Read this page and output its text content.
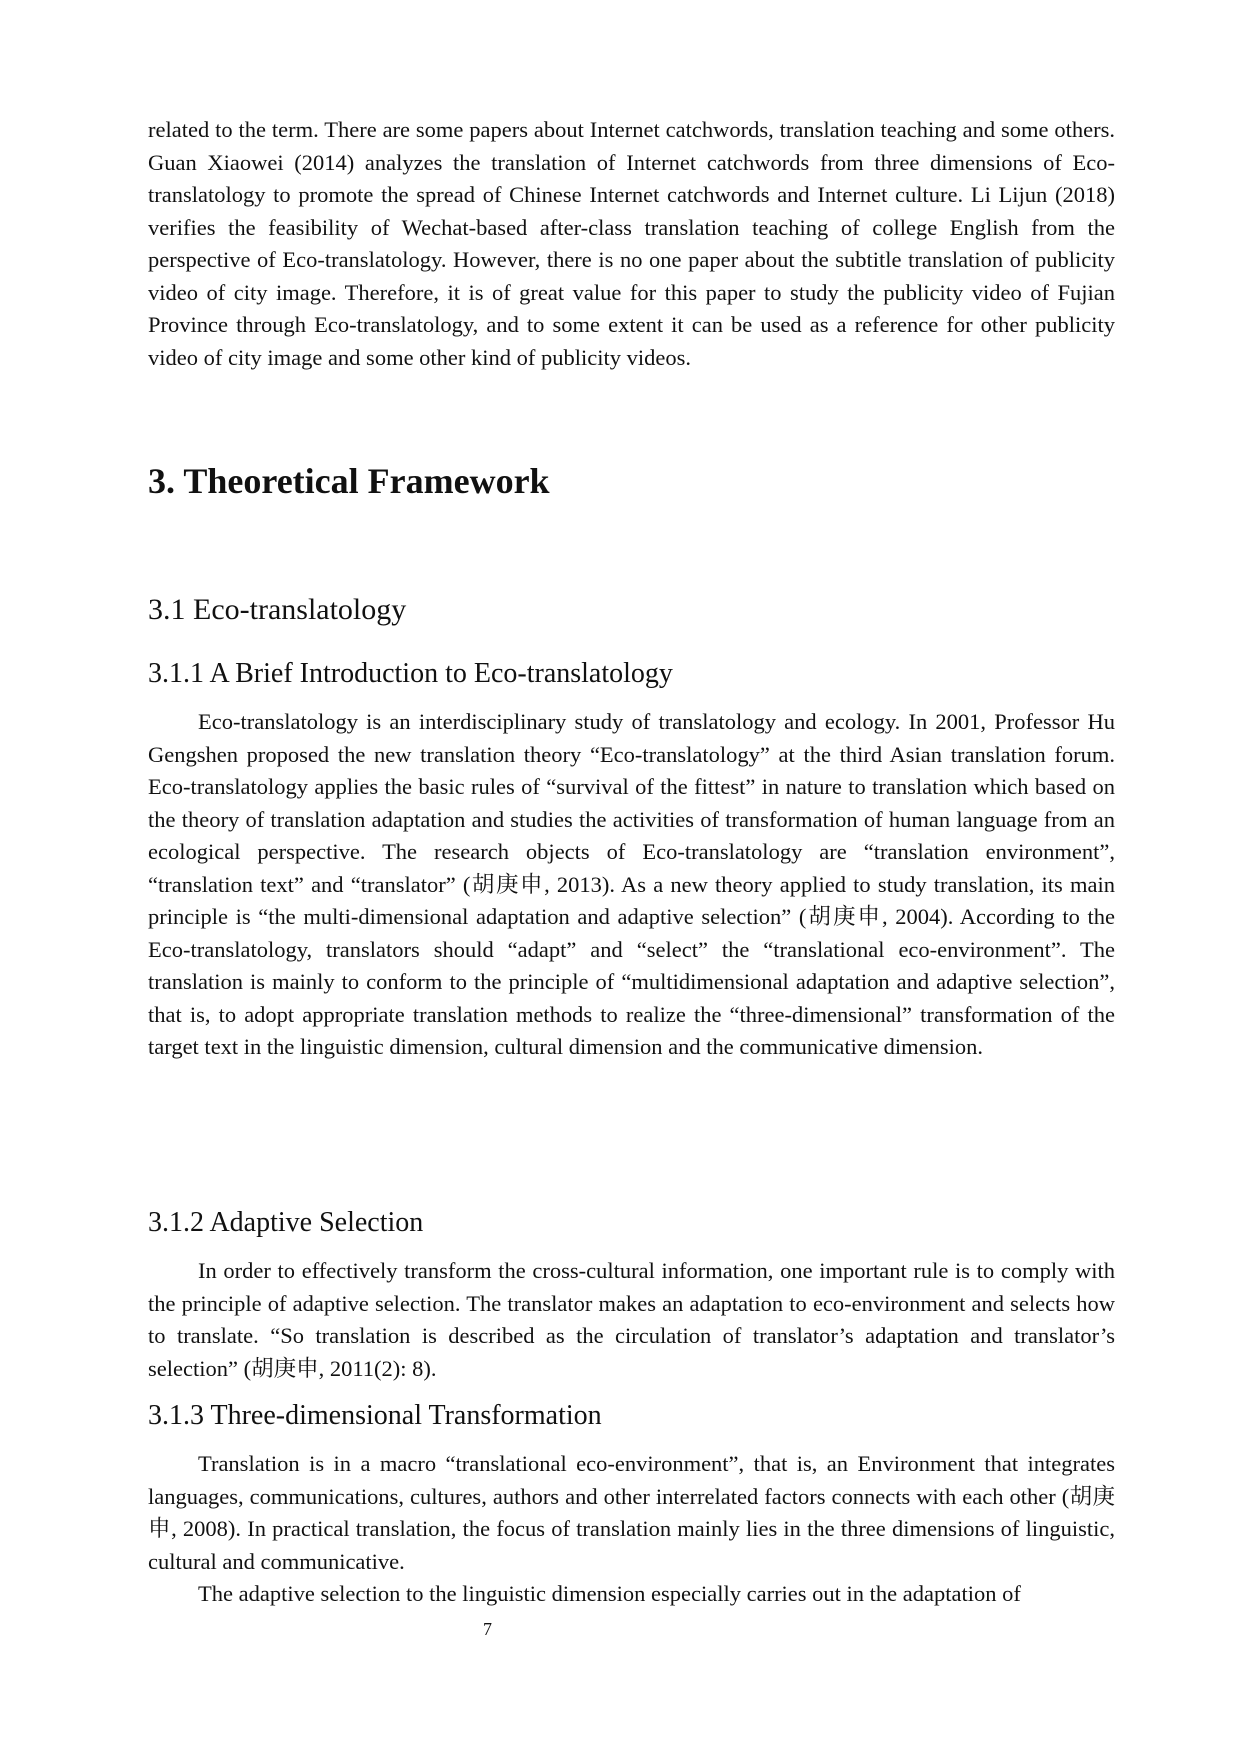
related to the term. There are some papers about Internet catchwords, translation teaching and some others. Guan Xiaowei (2014) analyzes the translation of Internet catchwords from three dimensions of Eco-translatology to promote the spread of Chinese Internet catchwords and Internet culture. Li Lijun (2018) verifies the feasibility of Wechat-based after-class translation teaching of college English from the perspective of Eco-translatology. However, there is no one paper about the subtitle translation of publicity video of city image. Therefore, it is of great value for this paper to study the publicity video of Fujian Province through Eco-translatology, and to some extent it can be used as a reference for other publicity video of city image and some other kind of publicity videos.

3. Theoretical Framework
3.1 Eco-translatology
3.1.1 A Brief Introduction to Eco-translatology

Eco-translatology is an interdisciplinary study of translatology and ecology. In 2001, Professor Hu Gengshen proposed the new translation theory “Eco-translatology” at the third Asian translation forum. Eco-translatology applies the basic rules of “survival of the fittest” in nature to translation which based on the theory of translation adaptation and studies the activities of transformation of human language from an ecological perspective. The research objects of Eco-translatology are “translation environment”, “translation text” and “translator” (胡庚申, 2013). As a new theory applied to study translation, its main principle is “the multi-dimensional adaptation and adaptive selection” (胡庚申, 2004). According to the Eco-translatology, translators should “adapt” and “select” the “translational eco-environment”. The translation is mainly to conform to the principle of “multidimensional adaptation and adaptive selection”, that is, to adopt appropriate translation methods to realize the “three-dimensional” transformation of the target text in the linguistic dimension, cultural dimension and the communicative dimension.

3.1.2 Adaptive Selection

In order to effectively transform the cross-cultural information, one important rule is to comply with the principle of adaptive selection. The translator makes an adaptation to eco-environment and selects how to translate. “So translation is described as the circulation of translator’s adaptation and translator’s selection” (胡庚申, 2011(2): 8).

3.1.3 Three-dimensional Transformation

Translation is in a macro “translational eco-environment”, that is, an Environment that integrates languages, communications, cultures, authors and other interrelated factors connects with each other (胡庚申, 2008). In practical translation, the focus of translation mainly lies in the three dimensions of linguistic, cultural and communicative.

The adaptive selection to the linguistic dimension especially carries out in the adaptation of

7
